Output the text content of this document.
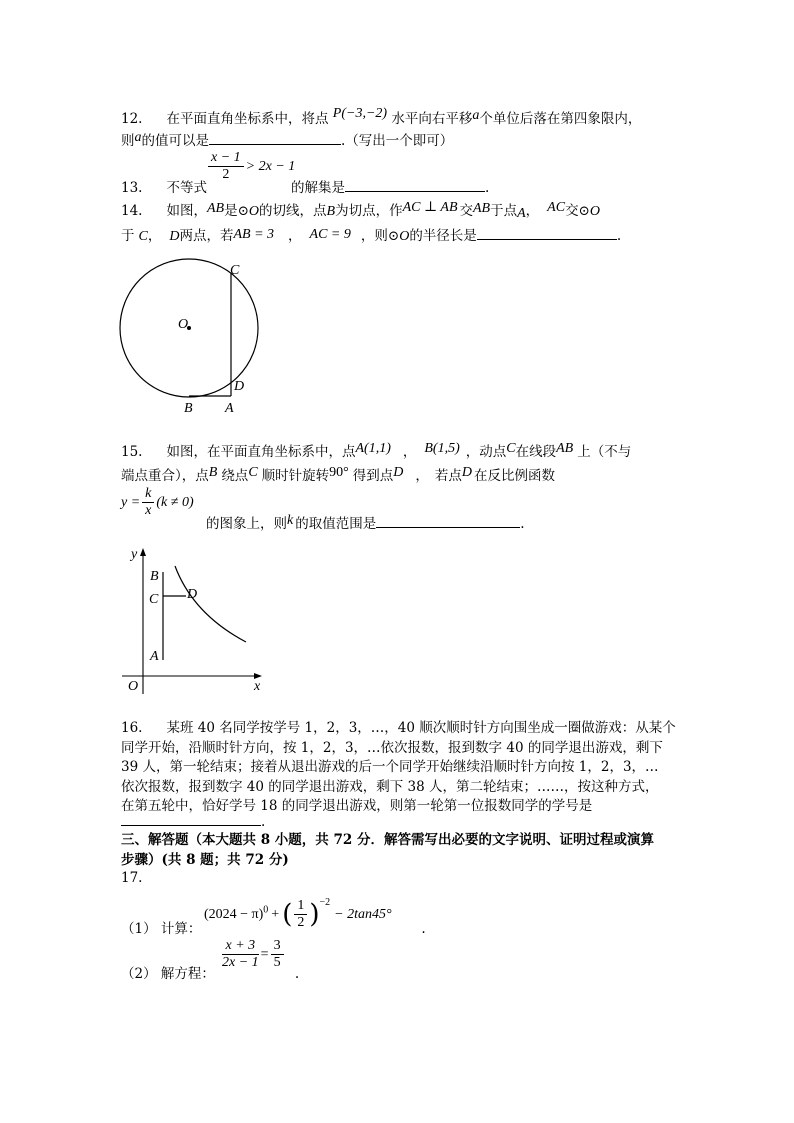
12. 在平面直角坐标系中，将点 P(−3,−2) 水平向右平移a个单位后落在第四象限内，
则a的值可以是	.（写出一个即可）
$\frac{x - 1}{2} > 2x - 1$
13. 不等式	的解集是	.
14. 如图，AB是⊙O的切线，点B为切点，作AC ⊥ AB 交AB于点A， AC交⊙O
于 C， D两点，若AB = 3 ， AC = 9 ，则⊙O的半径长是	.
C
O
D
B A
15. 如图，在平面直角坐标系中，点A(1,1) ， B(1,5) ，动点C在线段AB 上（不与
端点重合），点B 绕点C 顺时针旋转90° 得到点D ， 若点D 在反比例函数
$y = \frac{k}{x} (k \ne 0)$
的图象上，则k 的取值范围是	.
y
x
O
B
C D
A
16. 某班 40 名同学按学号 1，2，3，…，40 顺次顺时针方向围坐成一圈做游戏：从某个
同学开始，沿顺时针方向，按 1，2，3，…依次报数，报到数字 40 的同学退出游戏，剩下
39 人，第一轮结束；接着从退出游戏的后一个同学开始继续沿顺时针方向按 1，2，3，…
依次报数，报到数字 40 的同学退出游戏，剩下 38 人，第二轮结束；……，按这种方式，
在第五轮中，恰好学号 18 的同学退出游戏，则第一轮第一位报数同学的学号是
.
三、解答题（本大题共 8 小题，共 72 分．解答需写出必要的文字说明、证明过程或演算
步骤）(共 8 题；共 72 分)
17.
$(2024 - \pi)^0$ + ( $\frac{1}{2} )^{-2}- 2\tan 45^\circ$
（1） 计算：	.
$\frac{x + 3}{2x - 1} = \frac{3}{5}$
（2） 解方程：	.
